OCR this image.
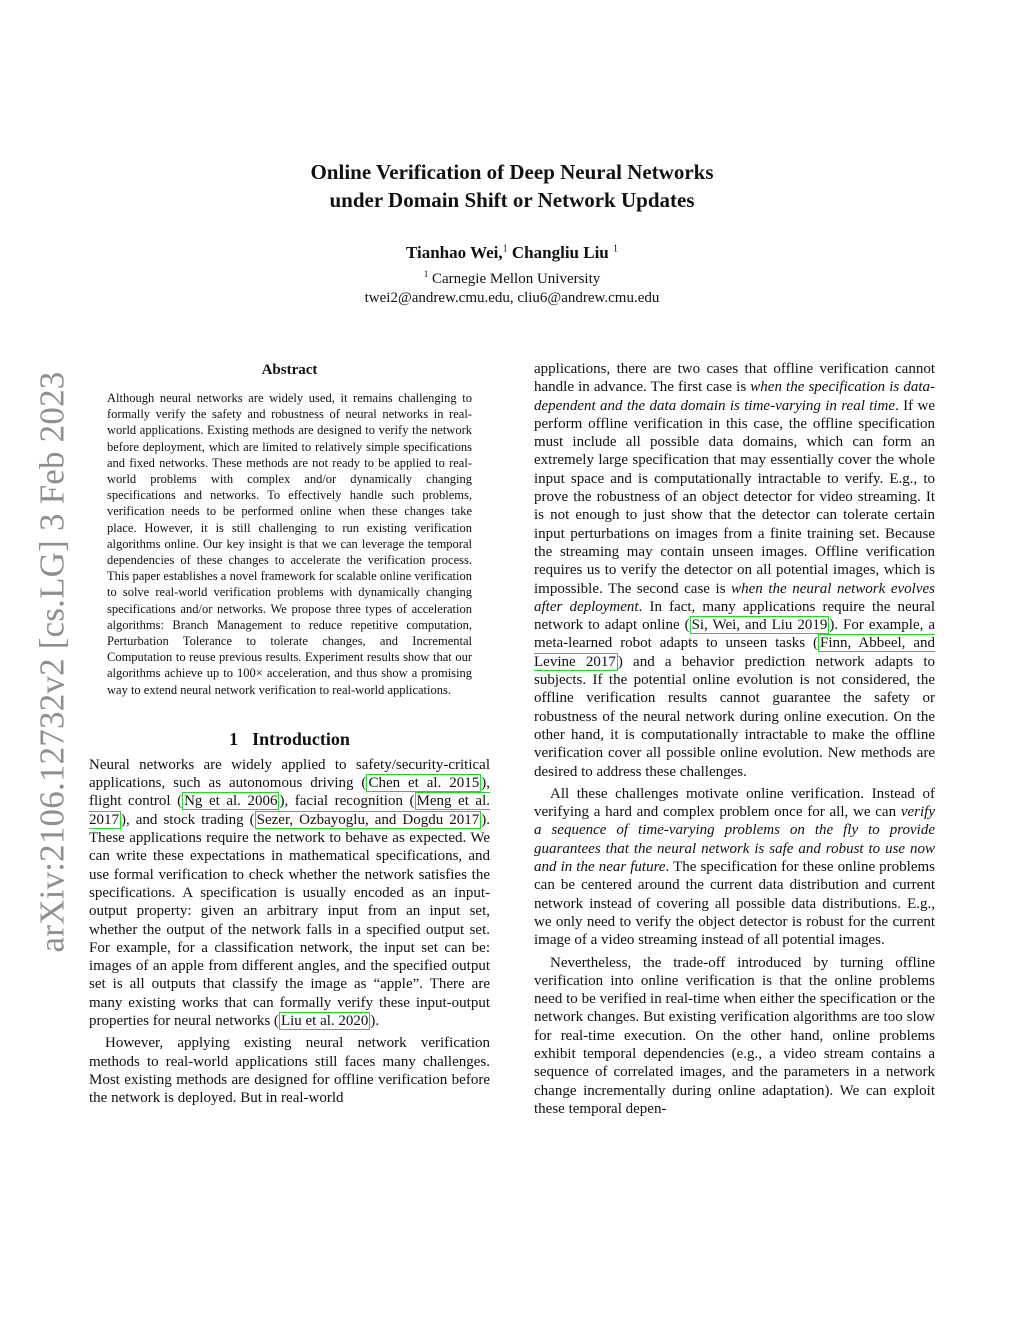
arXiv:2106.12732v2 [cs.LG] 3 Feb 2023
Online Verification of Deep Neural Networks
under Domain Shift or Network Updates
Tianhao Wei,$^1$ Changliu Liu $^1$
$^1$ Carnegie Mellon University
twei2@andrew.cmu.edu, cliu6@andrew.cmu.edu
Abstract
Although neural networks are widely used, it remains challenging to formally verify the safety and robustness of neural networks in real-world applications. Existing methods are designed to verify the network before deployment, which are limited to relatively simple specifications and fixed networks. These methods are not ready to be applied to real-world problems with complex and/or dynamically changing specifications and networks. To effectively handle such problems, verification needs to be performed online when these changes take place. However, it is still challenging to run existing verification algorithms online. Our key insight is that we can leverage the temporal dependencies of these changes to accelerate the verification process. This paper establishes a novel framework for scalable online verification to solve real-world verification problems with dynamically changing specifications and/or networks. We propose three types of acceleration algorithms: Branch Management to reduce repetitive computation, Perturbation Tolerance to tolerate changes, and Incremental Computation to reuse previous results. Experiment results show that our algorithms achieve up to 100× acceleration, and thus show a promising way to extend neural network verification to real-world applications.
1 Introduction

Neural networks are widely applied to safety/security-critical applications, such as autonomous driving ( Chen et al. 2015 ), flight control ( Ng et al. 2006 ), facial recognition ( Meng et al. 2017 ), and stock trading ( Sezer, Ozbayoglu, and Dogdu 2017 ). These applications require the network to behave as expected. We can write these expectations in mathematical specifications, and use formal verification to check whether the network satisfies the specifications. A specification is usually encoded as an input-output property: given an arbitrary input from an input set, whether the output of the network falls in a specified output set. For example, for a classification network, the input set can be: images of an apple from different angles, and the specified output set is all outputs that classify the image as “apple”. There are many existing works that can formally verify these input-output properties for neural networks ( Liu et al. 2020 ).

However, applying existing neural network verification methods to real-world applications still faces many challenges. Most existing methods are designed for offline verification before the network is deployed. But in real-world

applications, there are two cases that offline verification cannot handle in advance. The first case is when the specification is data-dependent and the data domain is time-varying in real time. If we perform offline verification in this case, the offline specification must include all possible data domains, which can form an extremely large specification that may essentially cover the whole input space and is computationally intractable to verify. E.g., to prove the robustness of an object detector for video streaming. It is not enough to just show that the detector can tolerate certain input perturbations on images from a finite training set. Because the streaming may contain unseen images. Offline verification requires us to verify the detector on all potential images, which is impossible. The second case is when the neural network evolves after deployment. In fact, many applications require the neural network to adapt online ( Si, Wei, and Liu 2019 ). For example, a meta-learned robot adapts to unseen tasks ( Finn, Abbeel, and Levine 2017 ) and a behavior prediction network adapts to subjects. If the potential online evolution is not considered, the offline verification results cannot guarantee the safety or robustness of the neural network during online execution. On the other hand, it is computationally intractable to make the offline verification cover all possible online evolution. New methods are desired to address these challenges.

All these challenges motivate online verification. Instead of verifying a hard and complex problem once for all, we can verify a sequence of time-varying problems on the fly to provide guarantees that the neural network is safe and robust to use now and in the near future. The specification for these online problems can be centered around the current data distribution and current network instead of covering all possible data distributions. E.g., we only need to verify the object detector is robust for the current image of a video streaming instead of all potential images.

Nevertheless, the trade-off introduced by turning offline verification into online verification is that the online problems need to be verified in real-time when either the specification or the network changes. But existing verification algorithms are too slow for real-time execution. On the other hand, online problems exhibit temporal dependencies (e.g., a video stream contains a sequence of correlated images, and the parameters in a network change incrementally during online adaptation). We can exploit these temporal depen-
